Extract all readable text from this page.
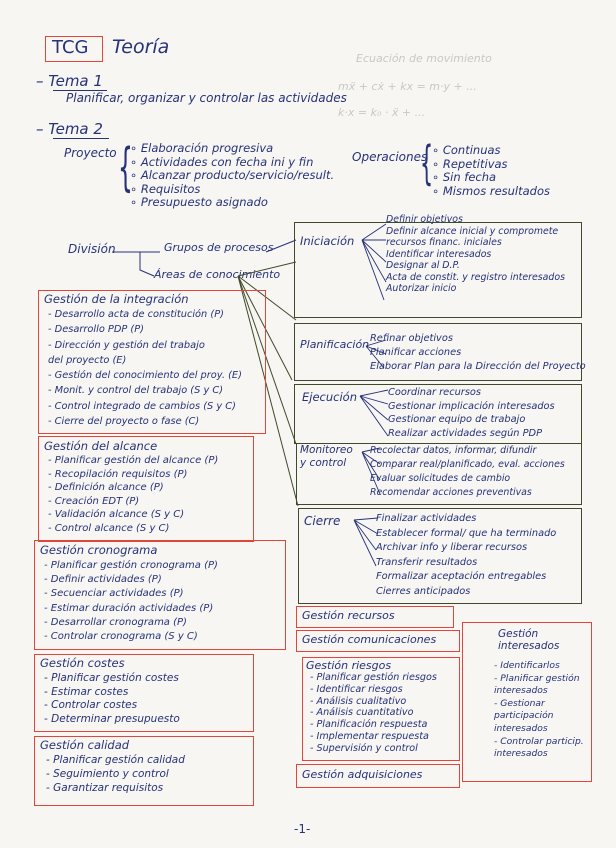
Ecuación de movimiento
mẍ + cẋ + kx = m·y + ...
k·x = k₀ · ẍ + ...
TCG Teoría
– Tema 1
Planificar, organizar y controlar las actividades
– Tema 2
Proyecto {
∘ Elaboración progresiva
∘ Actividades con fecha ini y fin
∘ Alcanzar producto/servicio/result.
∘ Requisitos
∘ Presupuesto asignado
Operaciones
{
∘ Continuas
∘ Repetitivas
∘ Sin fecha
∘ Mismos resultados
División	Grupos de procesos
Áreas de conocimiento
Iniciación
Definir objetivos
Definir alcance inicial y compromete recursos financ. iniciales
Identificar interesados
Designar al D.P.
Acta de constit. y registro interesados
Autorizar inicio
Planificación Refinar objetivos
Planificar acciones
Elaborar Plan para la Dirección del Proyecto
Ejecución	Coordinar recursos
Gestionar implicación interesados
Gestionar equipo de trabajo
Realizar actividades según PDP
Monitoreo y control
Recolectar datos, informar, difundir
Comparar real/planificado, eval. acciones
Evaluar solicitudes de cambio
Recomendar acciones preventivas
Cierre	Finalizar actividades
Establecer formal/ que ha terminado
Archivar info y liberar recursos
Transferir resultados
Formalizar aceptación entregables
Cierres anticipados
Gestión de la integración
- Desarrollo acta de constitución (P)
- Desarrollo PDP (P)
- Dirección y gestión del trabajo
del proyecto (E)
- Gestión del conocimiento del proy. (E)
- Monit. y control del trabajo (S y C)
- Control integrado de cambios (S y C)
- Cierre del proyecto o fase (C)
Gestión del alcance
- Planificar gestión del alcance (P)
- Recopilación requisitos (P)
- Definición alcance (P)
- Creación EDT (P)
- Validación alcance (S y C)
- Control alcance (S y C)
Gestión cronograma
- Planificar gestión cronograma (P)
- Definir actividades (P)
- Secuenciar actividades (P)
- Estimar duración actividades (P)
- Desarrollar cronograma (P)
- Controlar cronograma (S y C)
Gestión costes
- Planificar gestión costes
- Estimar costes
- Controlar costes
- Determinar presupuesto
Gestión calidad
- Planificar gestión calidad
- Seguimiento y control
- Garantizar requisitos
Gestión recursos
Gestión comunicaciones
Gestión riesgos
- Planificar gestión riesgos
- Identificar riesgos
- Análisis cualitativo
- Análisis cuantitativo
- Planificación respuesta
- Implementar respuesta
- Supervisión y control
Gestión adquisiciones
Gestión interesados
- Identificarlos
- Planificar gestión interesados
- Gestionar participación interesados
- Controlar particip. interesados
-1-
